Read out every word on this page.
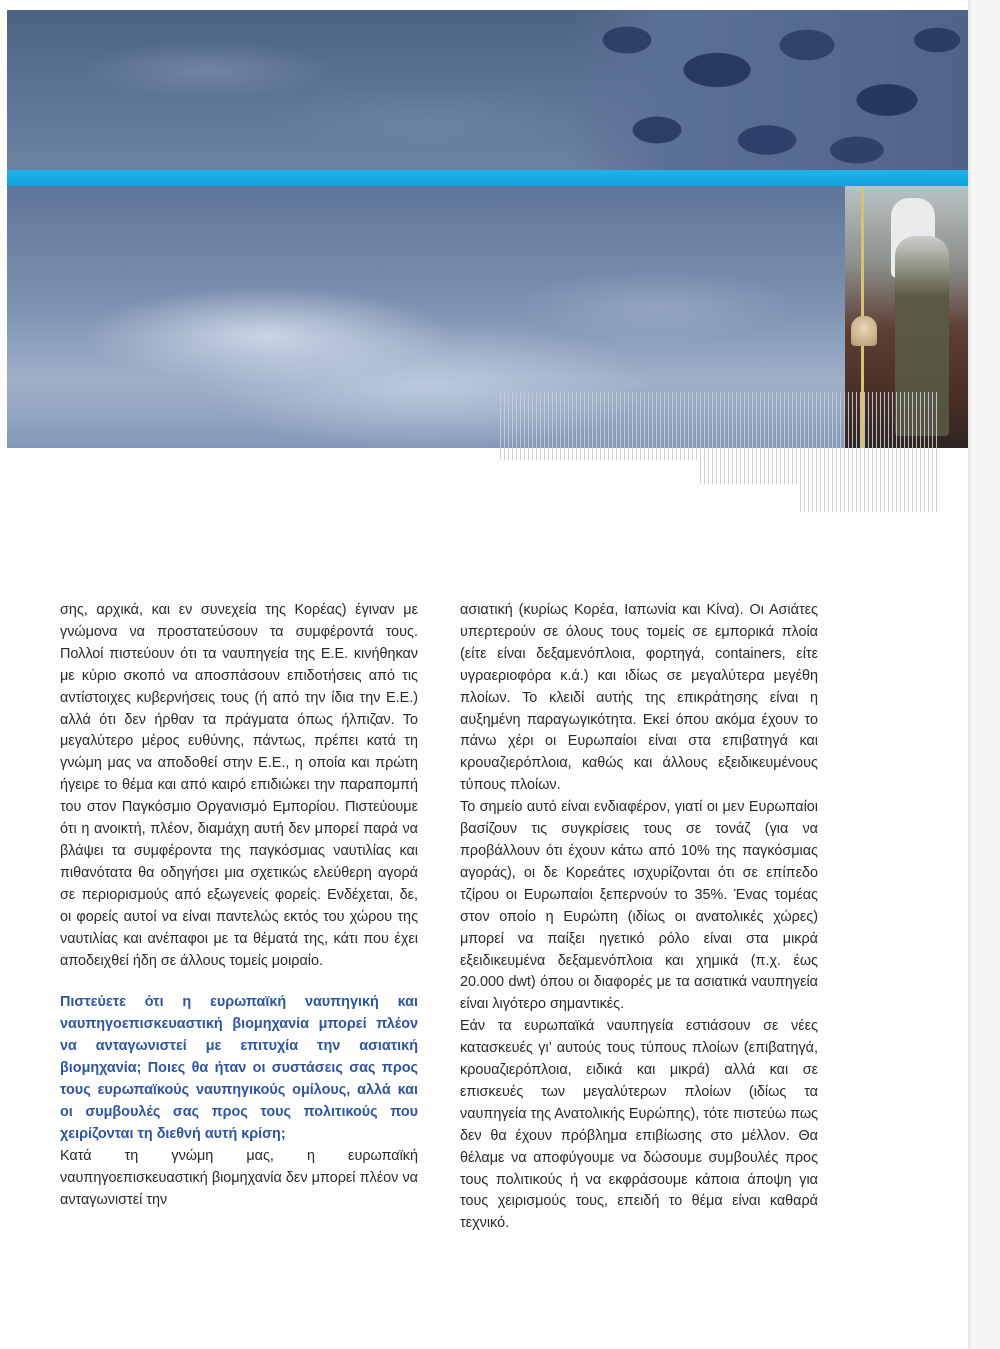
σης, αρχικά, και εν συνεχεία της Κορέας) έγιναν με γνώμονα να προστατεύσουν τα συμφέροντά τους. Πολλοί πιστεύουν ότι τα ναυπηγεία της Ε.Ε. κινήθηκαν με κύριο σκοπό να αποσπάσουν επιδοτήσεις από τις αντίστοιχες κυβερνήσεις τους (ή από την ίδια την Ε.Ε.) αλλά ότι δεν ήρθαν τα πράγματα όπως ήλπιζαν. Το μεγαλύτερο μέρος ευθύνης, πάντως, πρέπει κατά τη γνώμη μας να αποδοθεί στην Ε.Ε., η οποία και πρώτη ήγειρε το θέμα και από καιρό επιδιώκει την παραπομπή του στον Παγκόσμιο Οργανισμό Εμπορίου. Πιστεύουμε ότι η ανοικτή, πλέον, διαμάχη αυτή δεν μπορεί παρά να βλάψει τα συμφέροντα της παγκόσμιας ναυτιλίας και πιθανότατα θα οδηγήσει μια σχετικώς ελεύθερη αγορά σε περιορισμούς από εξωγενείς φορείς. Ενδέχεται, δε, οι φορείς αυτοί να είναι παντελώς εκτός του χώρου της ναυτιλίας και ανέπαφοι με τα θέματά της, κάτι που έχει αποδειχθεί ήδη σε άλλους τομείς μοιραίο.

Πιστεύετε ότι η ευρωπαϊκή ναυπηγική και ναυπηγοεπισκευαστική βιομηχανία μπορεί πλέον να ανταγωνιστεί με επιτυχία την ασιατική βιομηχανία; Ποιες θα ήταν οι συστάσεις σας προς τους ευρωπαϊκούς ναυπηγικούς ομίλους, αλλά και οι συμβουλές σας προς τους πολιτικούς που χειρίζονται τη διεθνή αυτή κρίση;

Κατά τη γνώμη μας, η ευρωπαϊκή ναυπηγοεπισκευαστική βιομηχανία δεν μπορεί πλέον να ανταγωνιστεί την

ασιατική (κυρίως Κορέα, Ιαπωνία και Κίνα). Οι Ασιάτες υπερτερούν σε όλους τους τομείς σε εμπορικά πλοία (είτε είναι δεξαμενόπλοια, φορτηγά, containers, είτε υγραεριοφόρα κ.ά.) και ιδίως σε μεγαλύτερα μεγέθη πλοίων. Το κλειδί αυτής της επικράτησης είναι η αυξημένη παραγωγικότητα. Εκεί όπου ακόμα έχουν το πάνω χέρι οι Ευρωπαίοι είναι στα επιβατηγά και κρουαζιερόπλοια, καθώς και άλλους εξειδικευμένους τύπους πλοίων.

Το σημείο αυτό είναι ενδιαφέρον, γιατί οι μεν Ευρωπαίοι βασίζουν τις συγκρίσεις τους σε τονάζ (για να προβάλλουν ότι έχουν κάτω από 10% της παγκόσμιας αγοράς), οι δε Κορεάτες ισχυρίζονται ότι σε επίπεδο τζίρου οι Ευρωπαίοι ξεπερνούν το 35%. Ένας τομέας στον οποίο η Ευρώπη (ιδίως οι ανατολικές χώρες) μπορεί να παίξει ηγετικό ρόλο είναι στα μικρά εξειδικευμένα δεξαμενόπλοια και χημικά (π.χ. έως 20.000 dwt) όπου οι διαφορές με τα ασιατικά ναυπηγεία είναι λιγότερο σημαντικές.

Εάν τα ευρωπαϊκά ναυπηγεία εστιάσουν σε νέες κατασκευές γι’ αυτούς τους τύπους πλοίων (επιβατηγά, κρουαζιερόπλοια, ειδικά και μικρά) αλλά και σε επισκευές των μεγαλύτερων πλοίων (ιδίως τα ναυπηγεία της Ανατολικής Ευρώπης), τότε πιστεύω πως δεν θα έχουν πρόβλημα επιβίωσης στο μέλλον. Θα θέλαμε να αποφύγουμε να δώσουμε συμβουλές προς τους πολιτικούς ή να εκφράσουμε κάποια άποψη για τους χειρισμούς τους, επειδή το θέμα είναι καθαρά τεχνικό.
